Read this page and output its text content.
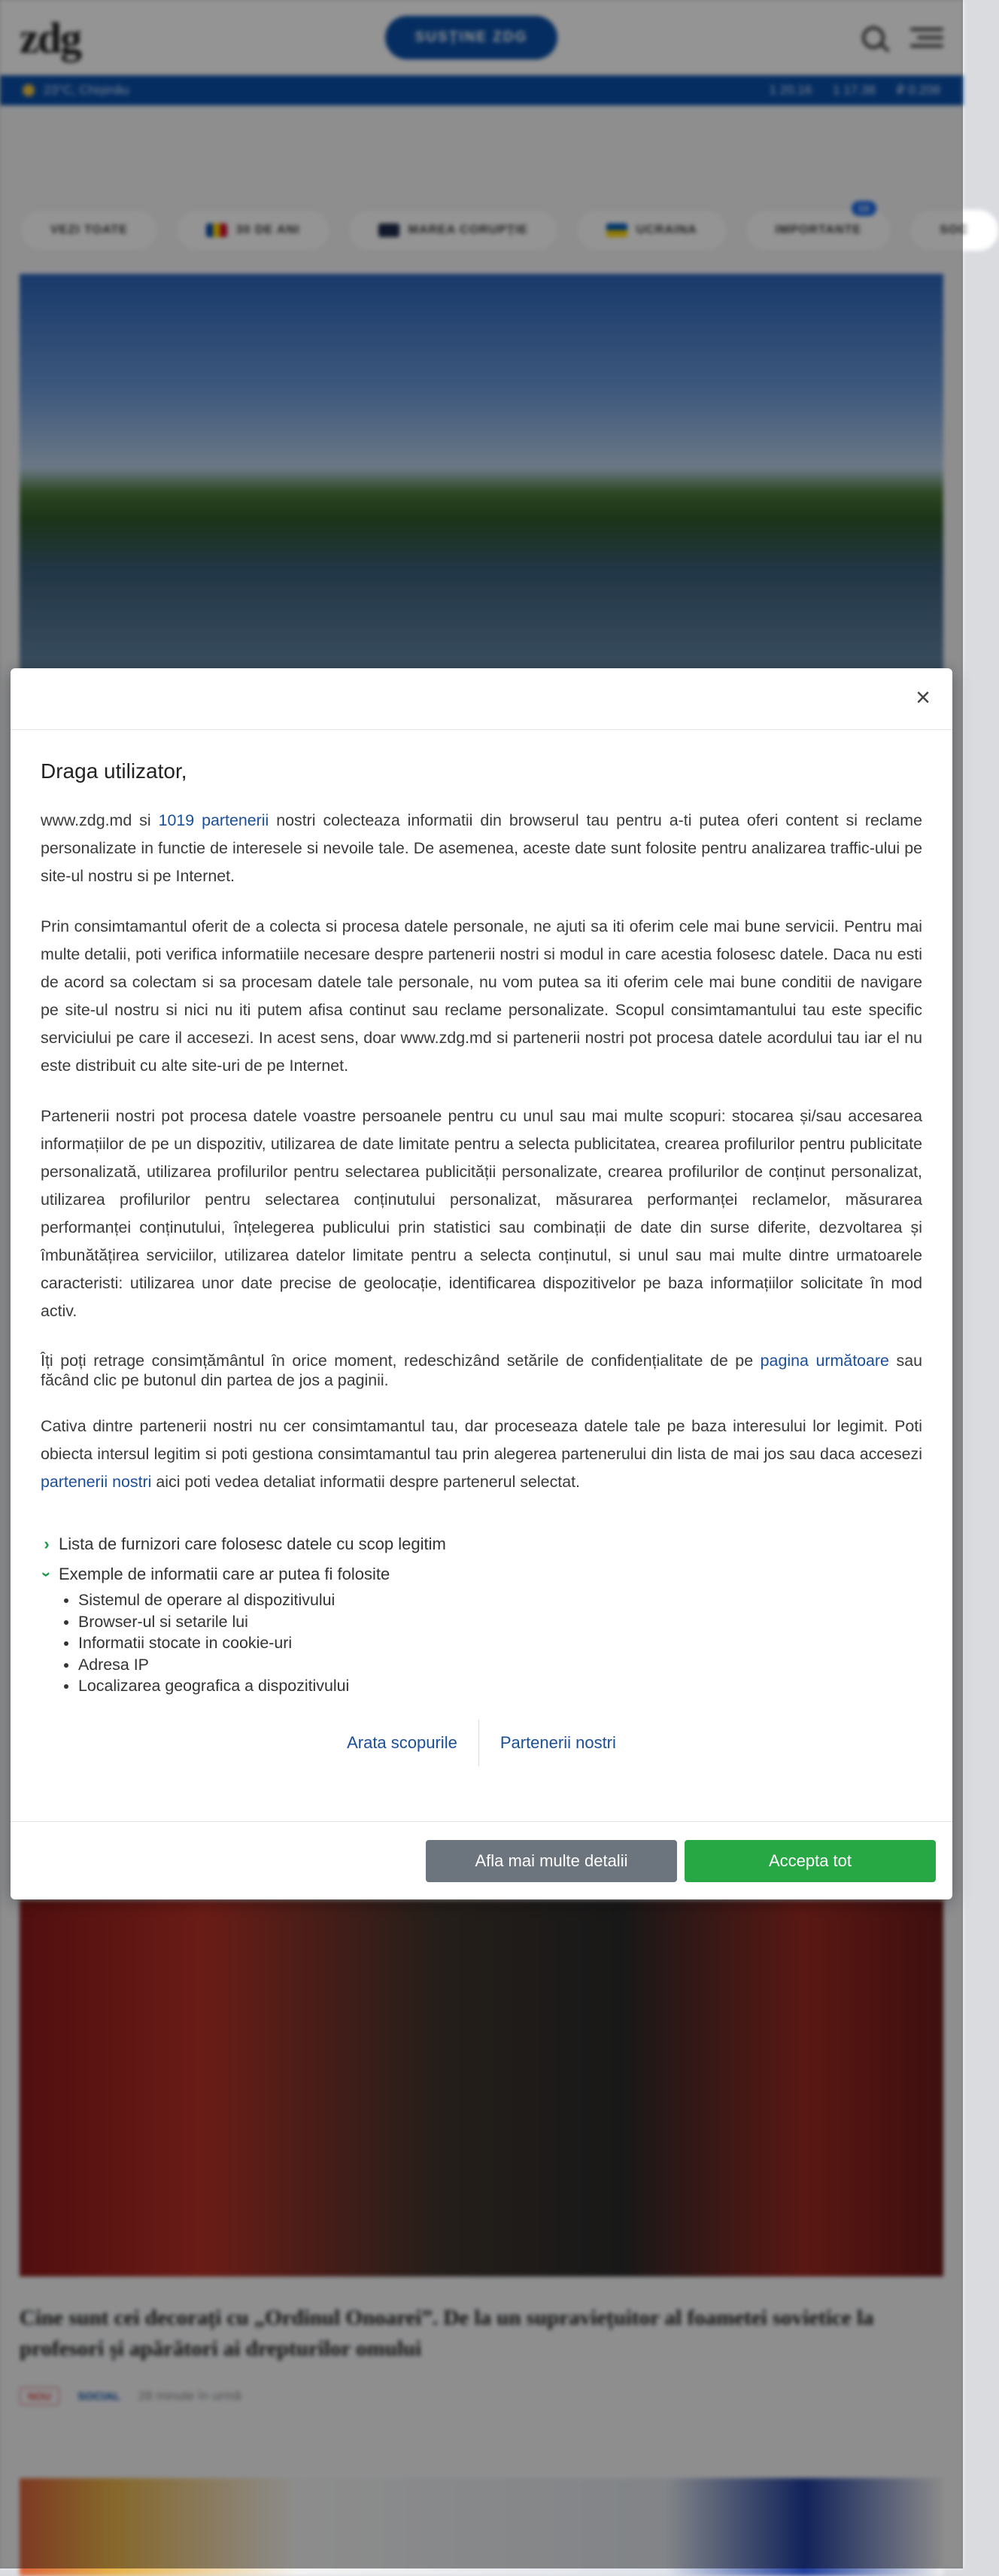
zdg	SUSȚINE ZDG
23°C, Chișinău	1 20.16 1 17.38 ₽ 0.208
VEZI TOATE	30 DE ANI	MAREA CORUPȚIE	UCRAINA	IMPORTANTE
10
SOC
Cine sunt cei decorați cu „Ordinul Onoarei”. De la un supraviețuitor al foametei sovietice la profesori și apărători ai drepturilor omului
NOU	SOCIAL 28 minute în urmă
×
Draga utilizator,

www.zdg.md si 1019 partenerii nostri colecteaza informatii din browserul tau pentru a-ti putea oferi content si reclame personalizate in functie de interesele si nevoile tale. De asemenea, aceste date sunt folosite pentru analizarea traffic-ului pe site-ul nostru si pe Internet.

Prin consimtamantul oferit de a colecta si procesa datele personale, ne ajuti sa iti oferim cele mai bune servicii. Pentru mai multe detalii, poti verifica informatiile necesare despre partenerii nostri si modul in care acestia folosesc datele. Daca nu esti de acord sa colectam si sa procesam datele tale personale, nu vom putea sa iti oferim cele mai bune conditii de navigare pe site-ul nostru si nici nu iti putem afisa continut sau reclame personalizate. Scopul consimtamantului tau este specific serviciului pe care il accesezi. In acest sens, doar www.zdg.md si partenerii nostri pot procesa datele acordului tau iar el nu este distribuit cu alte site-uri de pe Internet.

Partenerii nostri pot procesa datele voastre persoanele pentru cu unul sau mai multe scopuri: stocarea și/sau accesarea informațiilor de pe un dispozitiv, utilizarea de date limitate pentru a selecta publicitatea, crearea profilurilor pentru publicitate personalizată, utilizarea profilurilor pentru selectarea publicității personalizate, crearea profilurilor de conținut personalizat, utilizarea profilurilor pentru selectarea conținutului personalizat, măsurarea performanței reclamelor, măsurarea performanței conținutului, înțelegerea publicului prin statistici sau combinații de date din surse diferite, dezvoltarea și îmbunătățirea serviciilor, utilizarea datelor limitate pentru a selecta conținutul, si unul sau mai multe dintre urmatoarele caracteristi: utilizarea unor date precise de geolocație, identificarea dispozitivelor pe baza informațiilor solicitate în mod activ.

Îți poți retrage consimțământul în orice moment, redeschizând setările de confidențialitate de pe pagina următoare sau făcând clic pe butonul din partea de jos a paginii.

Cativa dintre partenerii nostri nu cer consimtamantul tau, dar proceseaza datele tale pe baza interesului lor legimit. Poti obiecta intersul legitim si poti gestiona consimtamantul tau prin alegerea partenerului din lista de mai jos sau daca accesezi partenerii nostri aici poti vedea detaliat informatii despre partenerul selectat.

› Lista de furnizori care folosesc datele cu scop legitim
› Exemple de informatii care ar putea fi folosite
• Sistemul de operare al dispozitivului
• Browser-ul si setarile lui
• Informatii stocate in cookie-uri
• Adresa IP
• Localizarea geografica a dispozitivului
Arata scopurile	Partenerii nostri
Afla mai multe detalii	Accepta tot
